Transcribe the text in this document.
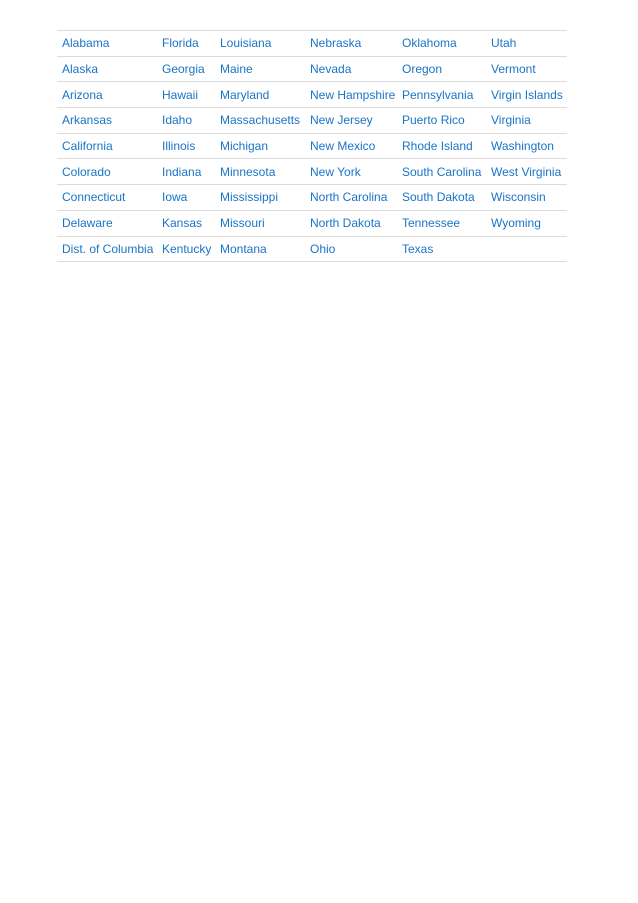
Alabama	Florida	Louisiana	Nebraska	Oklahoma	Utah
Alaska	Georgia	Maine	Nevada	Oregon	Vermont
Arizona	Hawaii	Maryland	New Hampshire	Pennsylvania	Virgin Islands
Arkansas	Idaho	Massachusetts	New Jersey	Puerto Rico	Virginia
California	Illinois	Michigan	New Mexico	Rhode Island	Washington
Colorado	Indiana	Minnesota	New York	South Carolina	West Virginia
Connecticut	Iowa	Mississippi	North Carolina	South Dakota	Wisconsin
Delaware	Kansas	Missouri	North Dakota	Tennessee	Wyoming
Dist. of Columbia	Kentucky	Montana	Ohio	Texas	
